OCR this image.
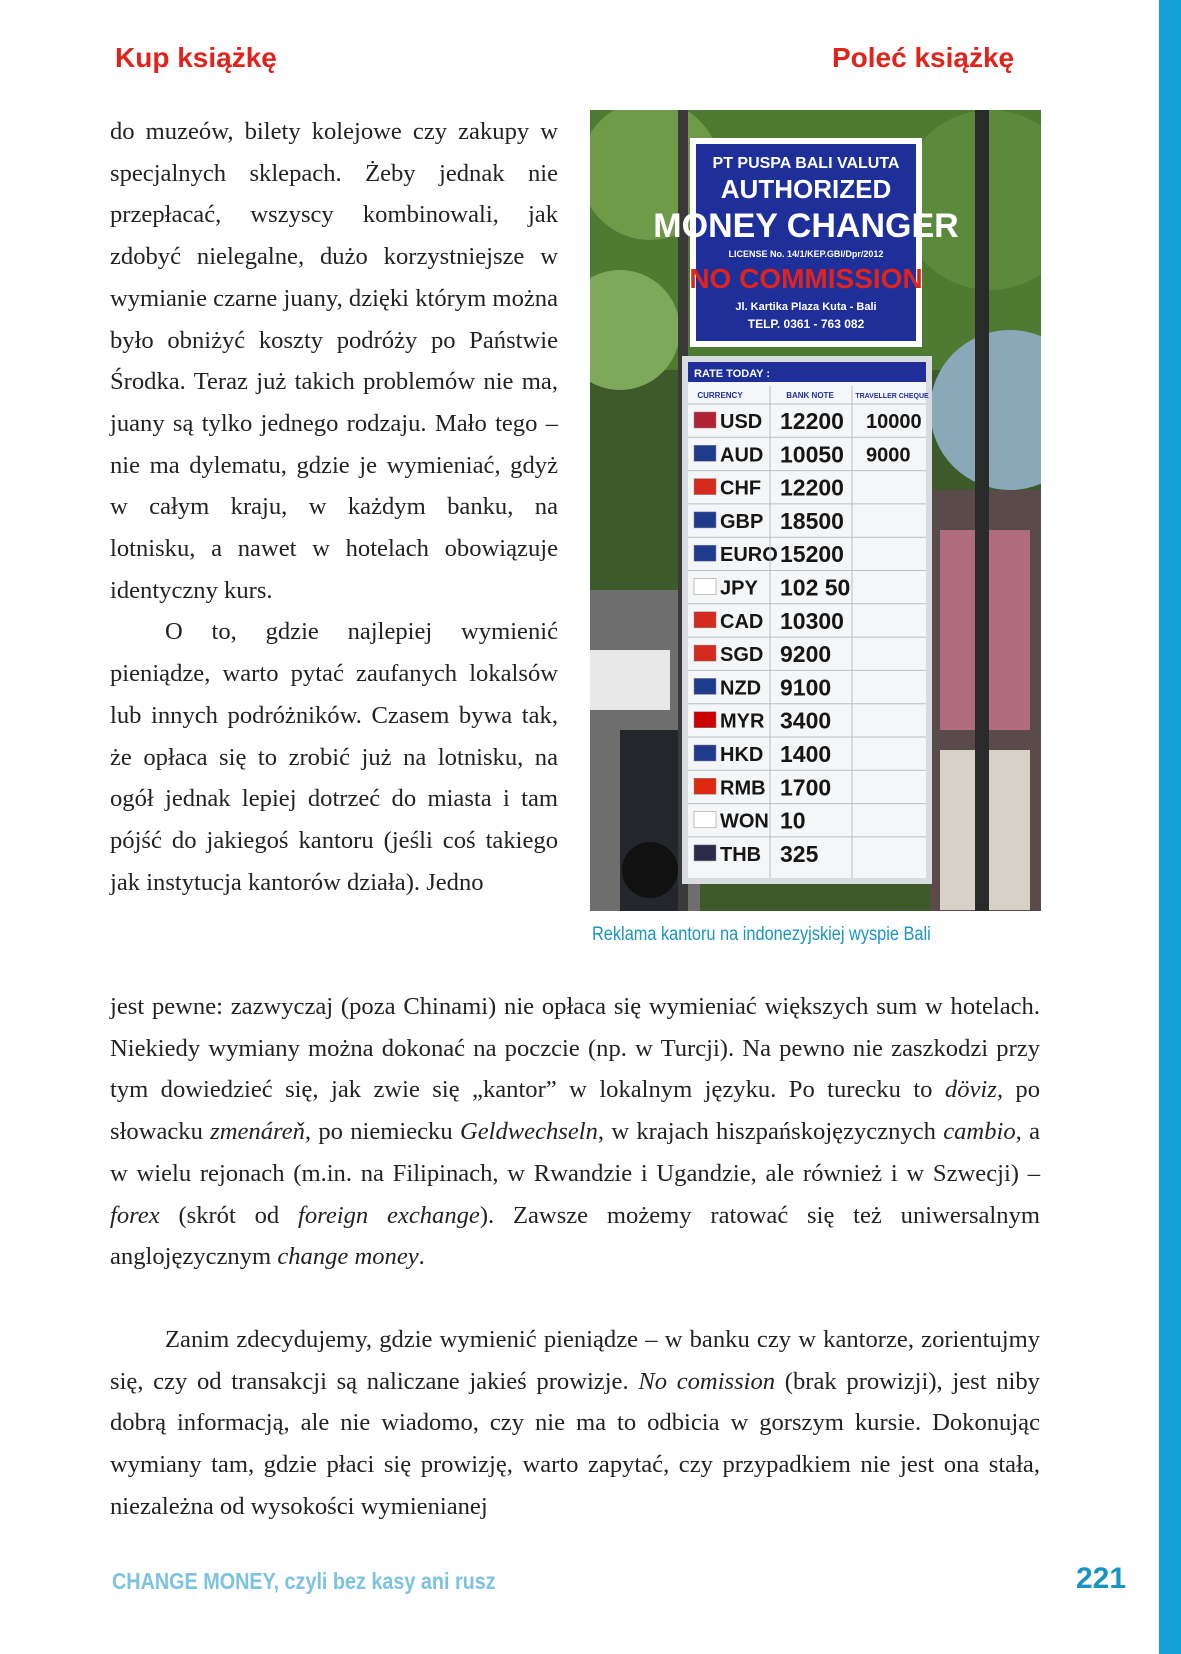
Kup książkę	Poleć książkę

do muzeów, bilety kolejowe czy zakupy w specjalnych sklepach. Żeby jednak nie przepłacać, wszyscy kombinowali, jak zdobyć nielegalne, dużo korzystniejsze w wymianie czarne juany, dzięki którym można było obniżyć koszty podróży po Państwie Środka. Teraz już takich problemów nie ma, juany są tylko jednego rodzaju. Mało tego – nie ma dylematu, gdzie je wymieniać, gdyż w całym kraju, w każdym banku, na lotnisku, a nawet w hotelach obowiązuje identyczny kurs.
O to, gdzie najlepiej wymienić pieniądze, warto pytać zaufanych lokalsów lub innych podróżników. Czasem bywa tak, że opłaca się to zrobić już na lotnisku, na ogół jednak lepiej dotrzeć do miasta i tam pójść do jakiegoś kantoru (jeśli coś takiego jak instytucja kantorów działa). Jedno

jest pewne: zazwyczaj (poza Chinami) nie opłaca się wymieniać większych sum w hotelach. Niekiedy wymiany można dokonać na poczcie (np. w Turcji). Na pewno nie zaszkodzi przy tym dowiedzieć się, jak zwie się „kantor” w lokalnym języku. Po turecku to döviz, po słowacku zmenáreň, po niemiecku Geldwechseln, w krajach hiszpańskojęzycznych cambio, a w wielu rejonach (m.in. na Filipinach, w Rwandzie i Ugandzie, ale również i w Szwecji) – forex (skrót od foreign exchange). Zawsze możemy ratować się też uniwersalnym anglojęzycznym change money.

Zanim zdecydujemy, gdzie wymienić pieniądze – w banku czy w kantorze, zorientujmy się, czy od transakcji są naliczane jakieś prowizje. No comission (brak prowizji), jest niby dobrą informacją, ale nie wiadomo, czy nie ma to odbicia w gorszym kursie. Dokonując wymiany tam, gdzie płaci się prowizję, warto zapytać, czy przypadkiem nie jest ona stała, niezależna od wysokości wymienianej

PT PUSPA BALI VALUTA
AUTHORIZED
MONEY CHANGER
LICENSE No. 14/1/KEP.GBI/Dpr/2012
NO COMMISSION
Jl. Kartika Plaza Kuta - Bali
TELP. 0361 - 763 082
RATE TODAY :
CURRENCY	BANK NOTE	TRAVELLER CHEQUE
USD 12200 10000
AUD 10050 9000
CHF 12200
GBP 18500
EURO 15200
JPY 102 50
CAD 10300
SGD 9200
NZD 9100
MYR 3400
HKD 1400
RMB 1700
WON 10
THB 325
Reklama kantoru na indonezyjskiej wyspie Bali
CHANGE MONEY, czyli bez kasy ani rusz	221
